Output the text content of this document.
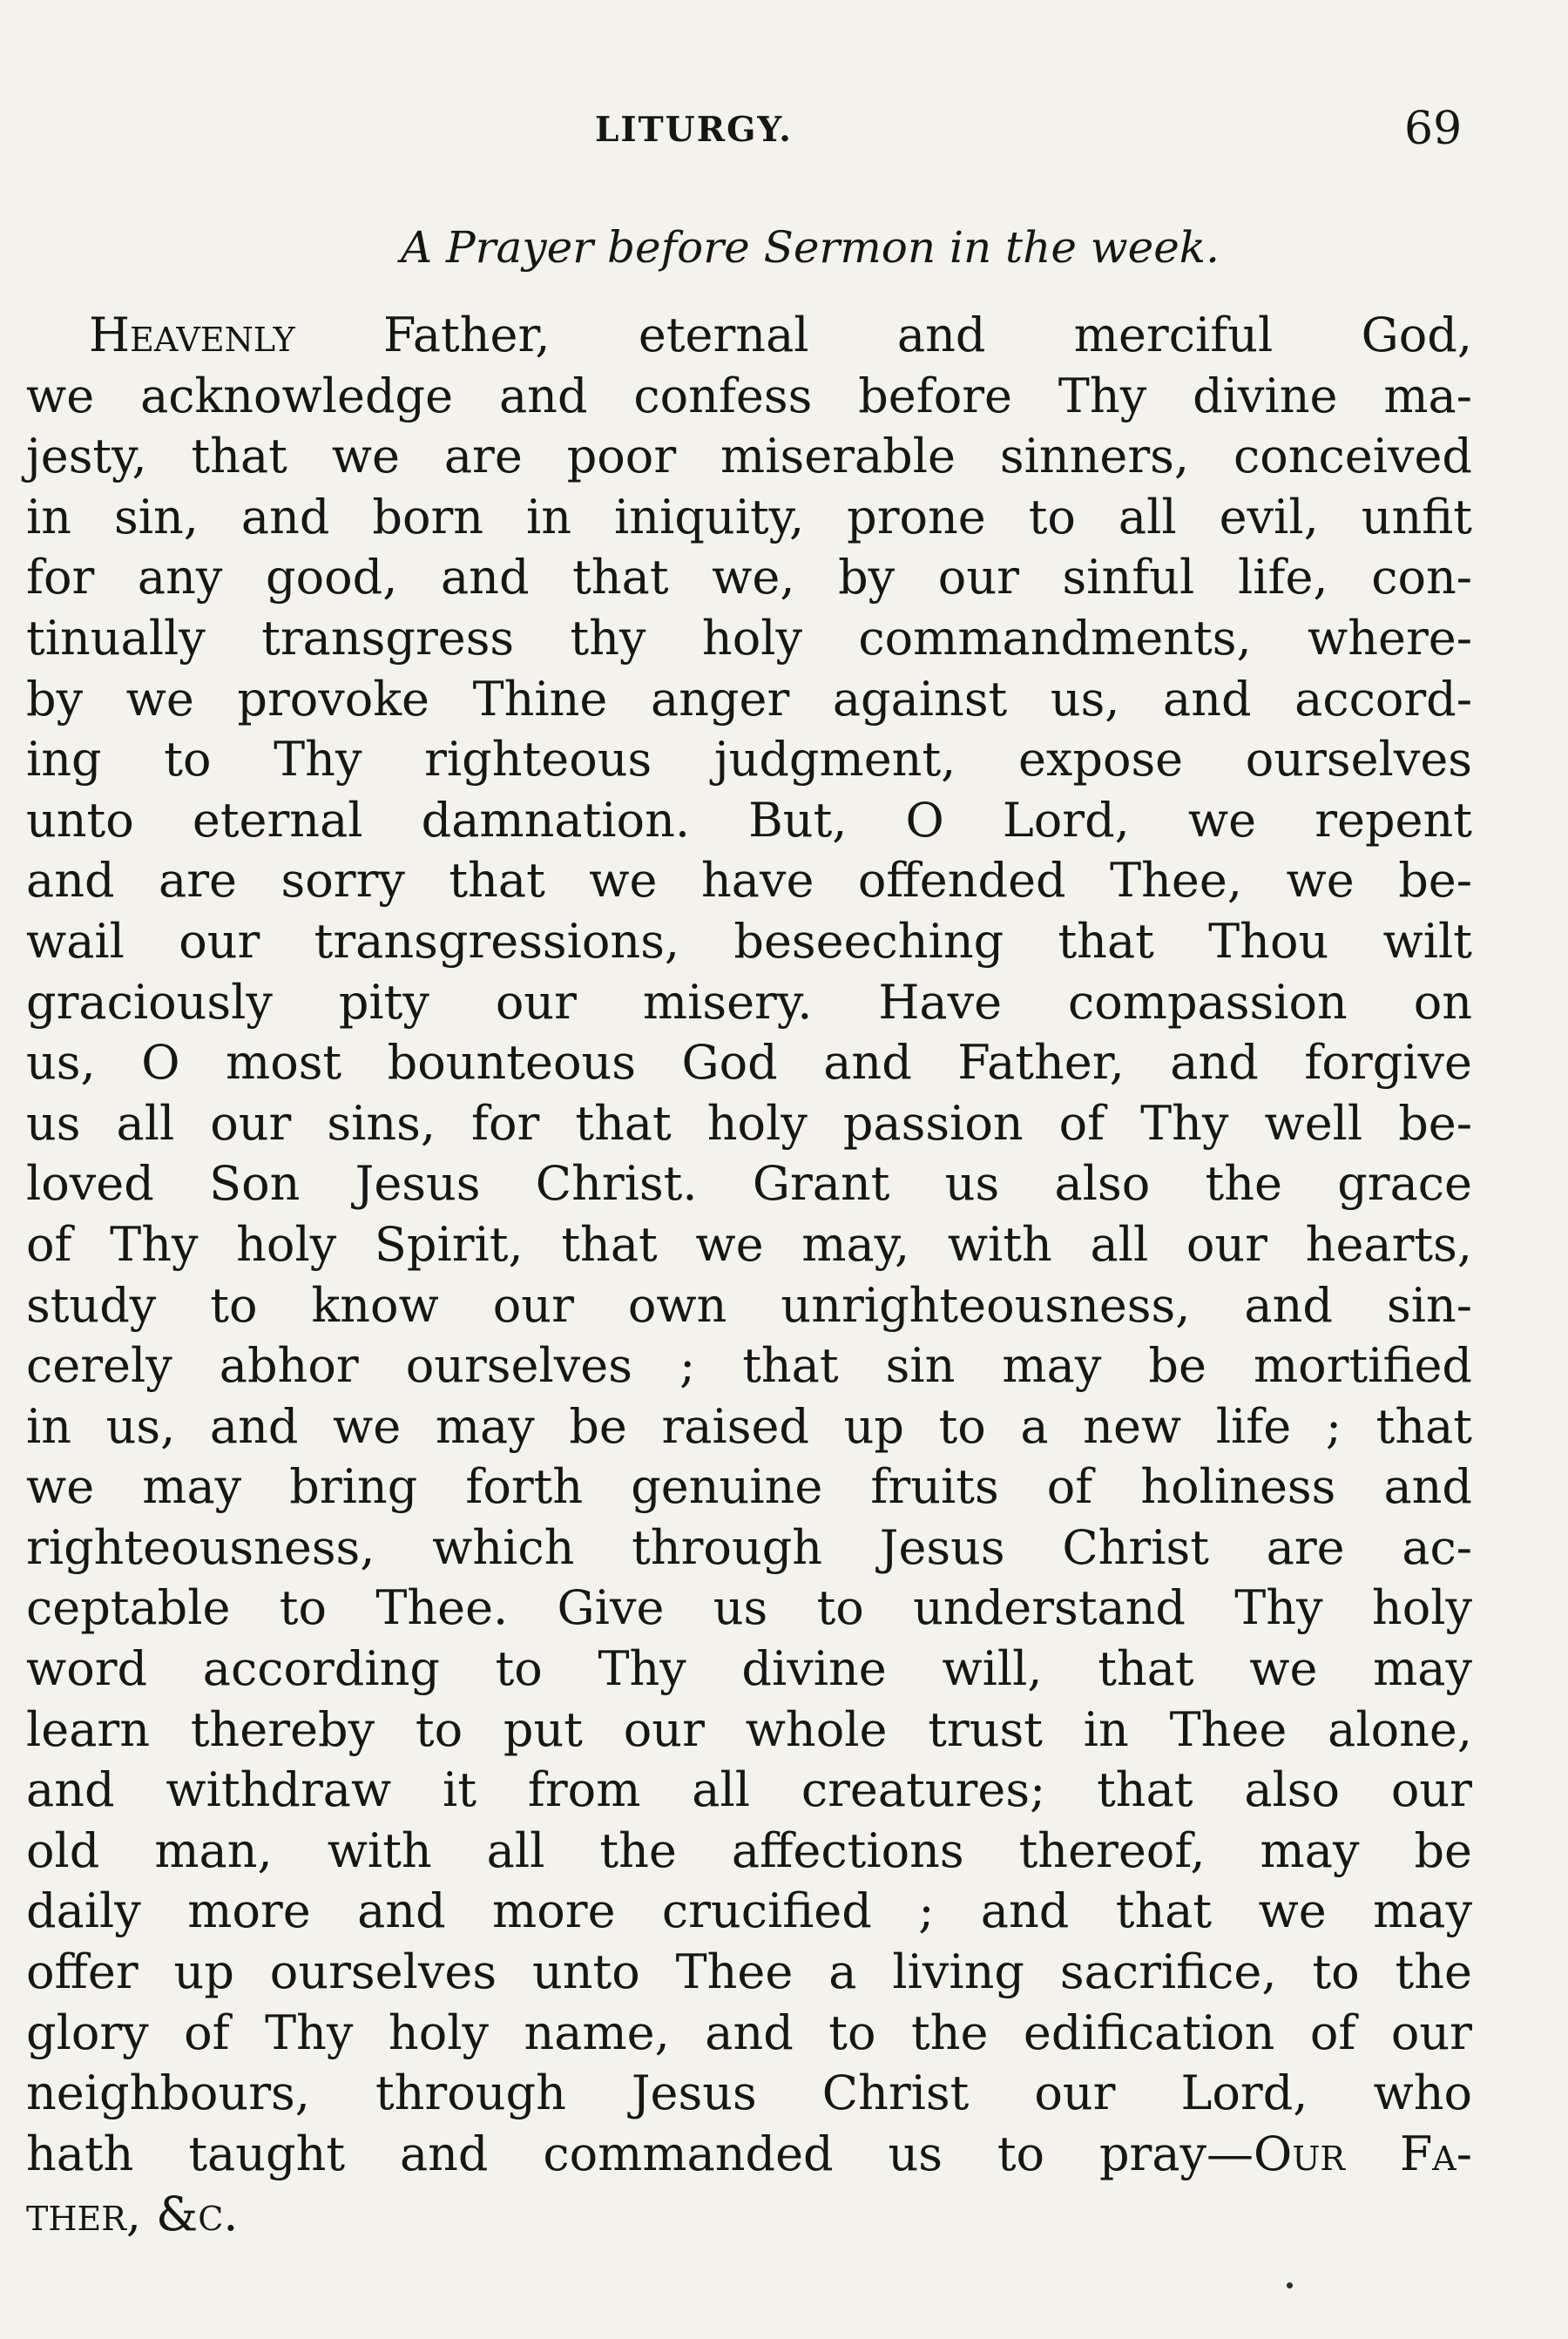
LITURGY.	69
A Prayer before Sermon in the week.
Heavenly Father, eternal and merciful God,
we acknowledge and confess before Thy divine ma-
jesty, that we are poor miserable sinners, conceived
in sin, and born in iniquity, prone to all evil, unfit
for any good, and that we, by our sinful life, con-
tinually transgress thy holy commandments, where-
by we provoke Thine anger against us, and accord-
ing to Thy righteous judgment, expose ourselves
unto eternal damnation. But, O Lord, we repent
and are sorry that we have offended Thee, we be-
wail our transgressions, beseeching that Thou wilt
graciously pity our misery. Have compassion on
us, O most bounteous God and Father, and forgive
us all our sins, for that holy passion of Thy well be-
loved Son Jesus Christ. Grant us also the grace
of Thy holy Spirit, that we may, with all our hearts,
study to know our own unrighteousness, and sin-
cerely abhor ourselves ; that sin may be mortified
in us, and we may be raised up to a new life ; that
we may bring forth genuine fruits of holiness and
righteousness, which through Jesus Christ are ac-
ceptable to Thee. Give us to understand Thy holy
word according to Thy divine will, that we may
learn thereby to put our whole trust in Thee alone,
and withdraw it from all creatures; that also our
old man, with all the affections thereof, may be
daily more and more crucified ; and that we may
offer up ourselves unto Thee a living sacrifice, to the
glory of Thy holy name, and to the edification of our
neighbours, through Jesus Christ our Lord, who
hath taught and commanded us to pray—Our Fa-
ther, &c.
